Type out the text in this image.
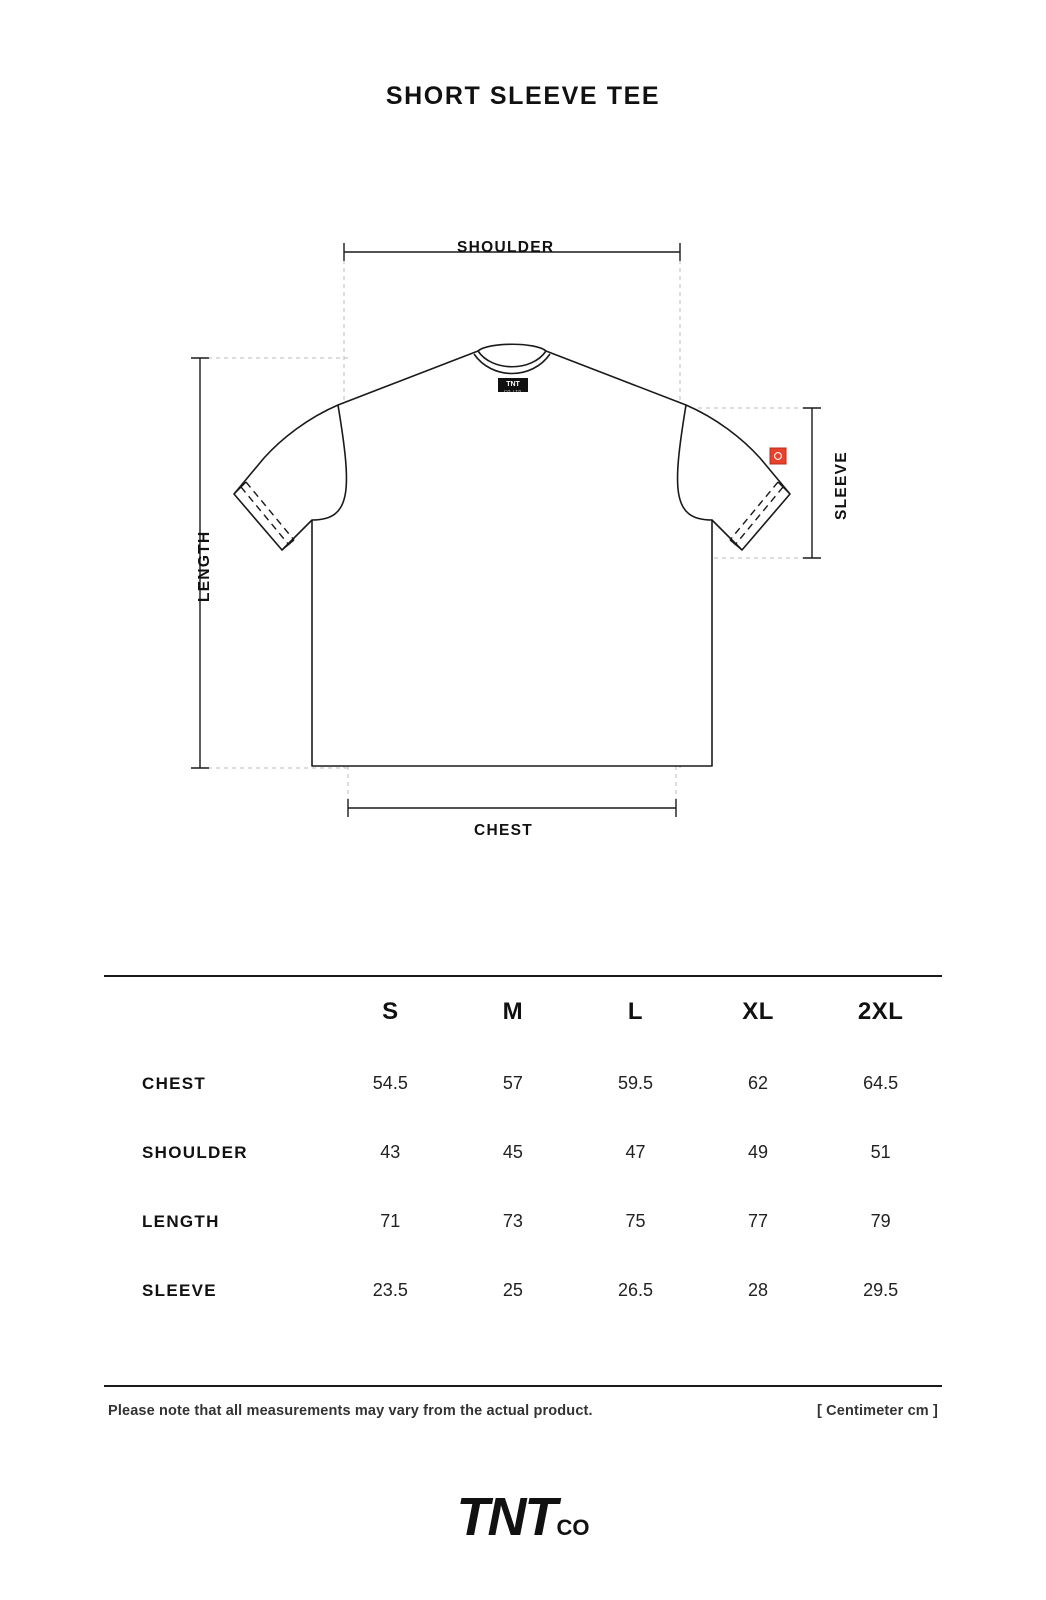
SHORT SLEEVE TEE
TNT
CO.LTD
SHOULDER
CHEST
LENGTH
SLEEVE
	S	M	L	XL	2XL
CHEST	54.5	57	59.5	62	64.5
SHOULDER	43	45	47	49	51
LENGTH	71	73	75	77	79
SLEEVE	23.5	25	26.5	28	29.5
Please note that all measurements may vary from the actual product.	[ Centimeter cm ]
TNTCO
